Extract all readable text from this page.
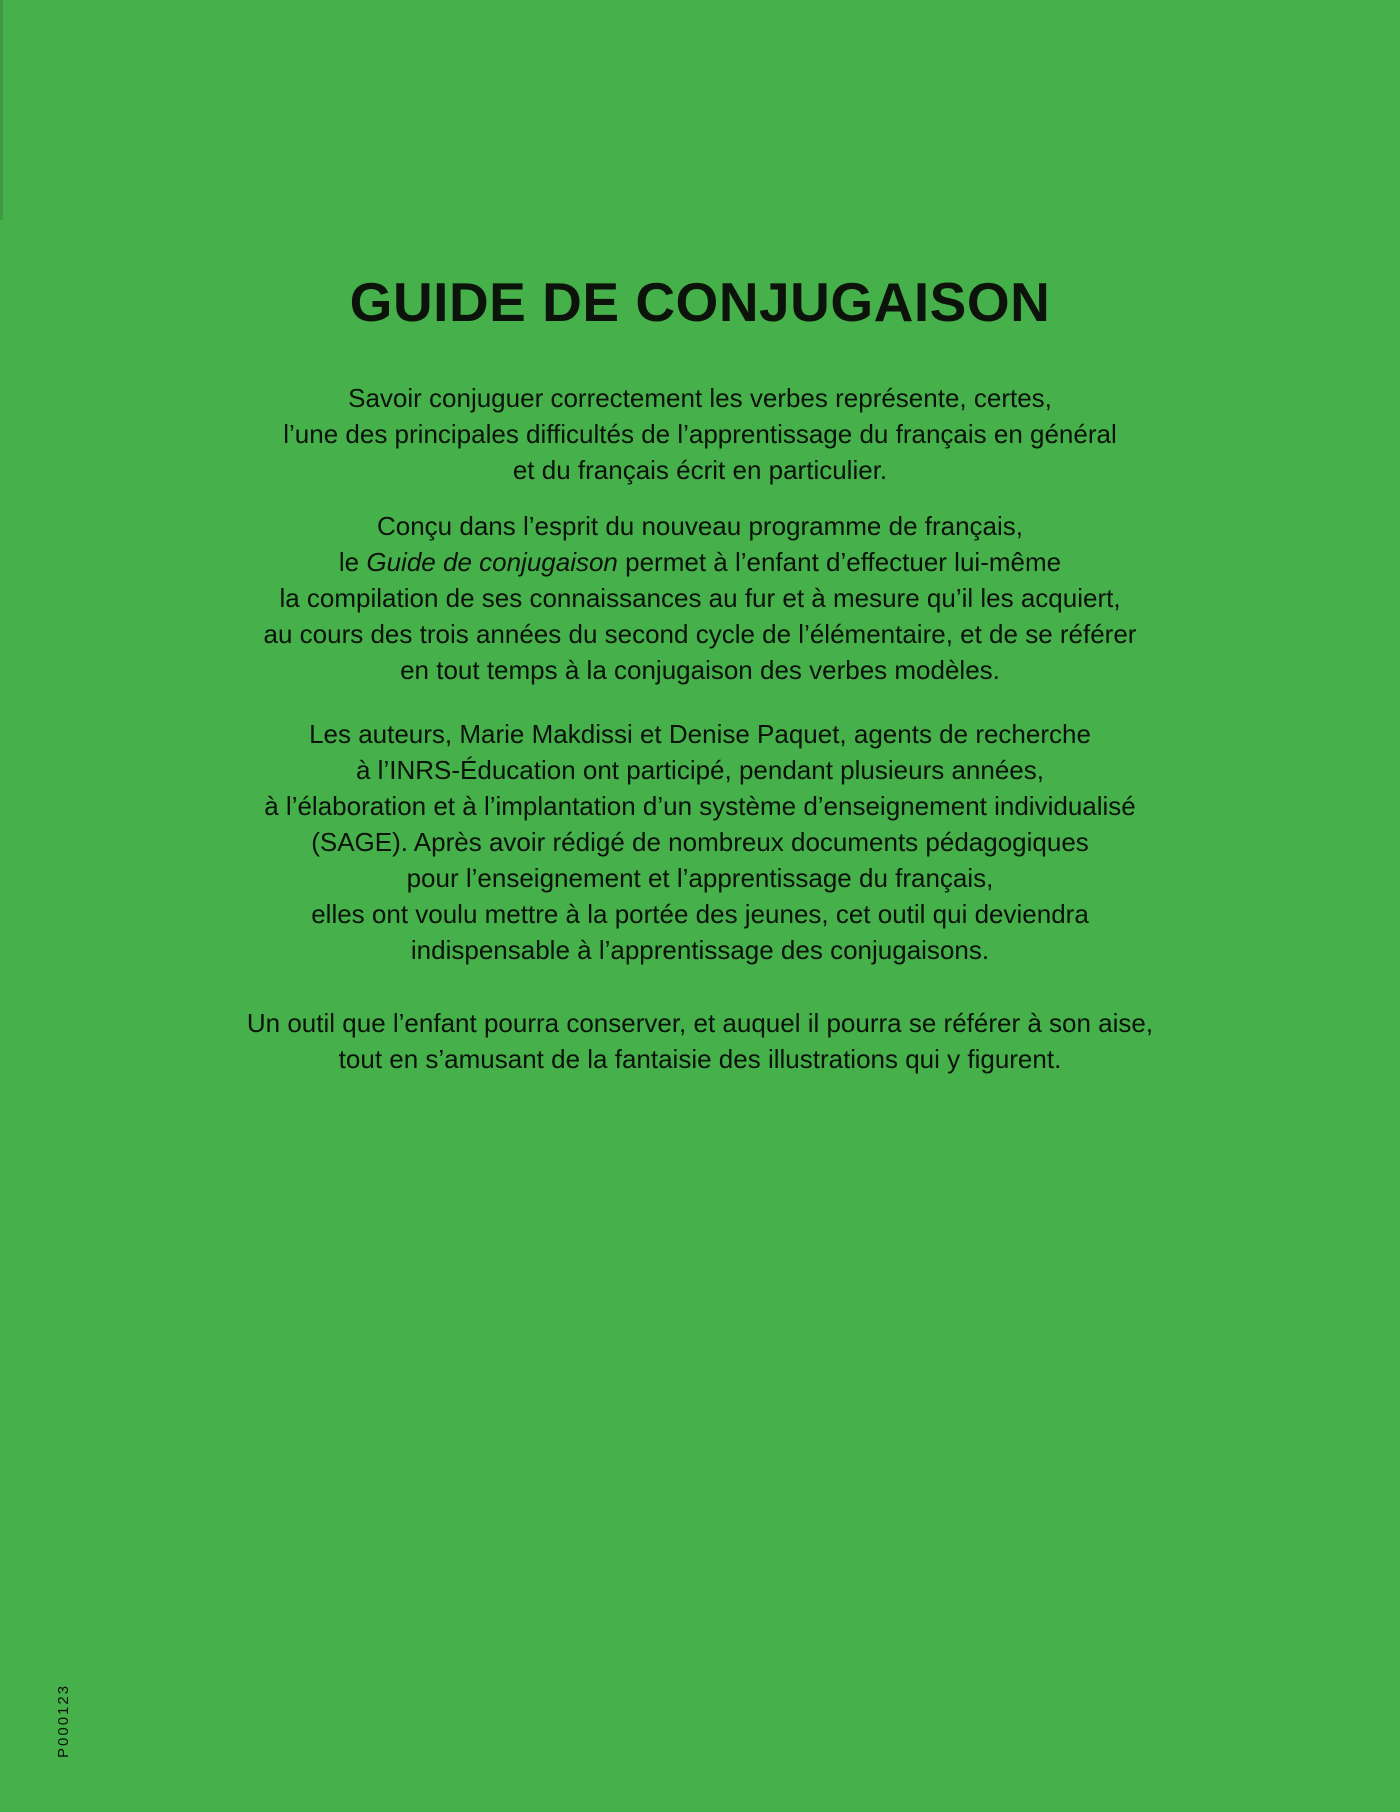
GUIDE DE CONJUGAISON
Savoir conjuguer correctement les verbes représente, certes,
l’une des principales difficultés de l’apprentissage du français en général
et du français écrit en particulier.
Conçu dans l’esprit du nouveau programme de français,
le Guide de conjugaison permet à l’enfant d’effectuer lui-même
la compilation de ses connaissances au fur et à mesure qu’il les acquiert,
au cours des trois années du second cycle de l’élémentaire, et de se référer
en tout temps à la conjugaison des verbes modèles.
Les auteurs, Marie Makdissi et Denise Paquet, agents de recherche
à l’INRS-Éducation ont participé, pendant plusieurs années,
à l’élaboration et à l’implantation d’un système d’enseignement individualisé
(SAGE). Après avoir rédigé de nombreux documents pédagogiques
pour l’enseignement et l’apprentissage du français,
elles ont voulu mettre à la portée des jeunes, cet outil qui deviendra
indispensable à l’apprentissage des conjugaisons.
Un outil que l’enfant pourra conserver, et auquel il pourra se référer à son aise,
tout en s’amusant de la fantaisie des illustrations qui y figurent.
P000123
